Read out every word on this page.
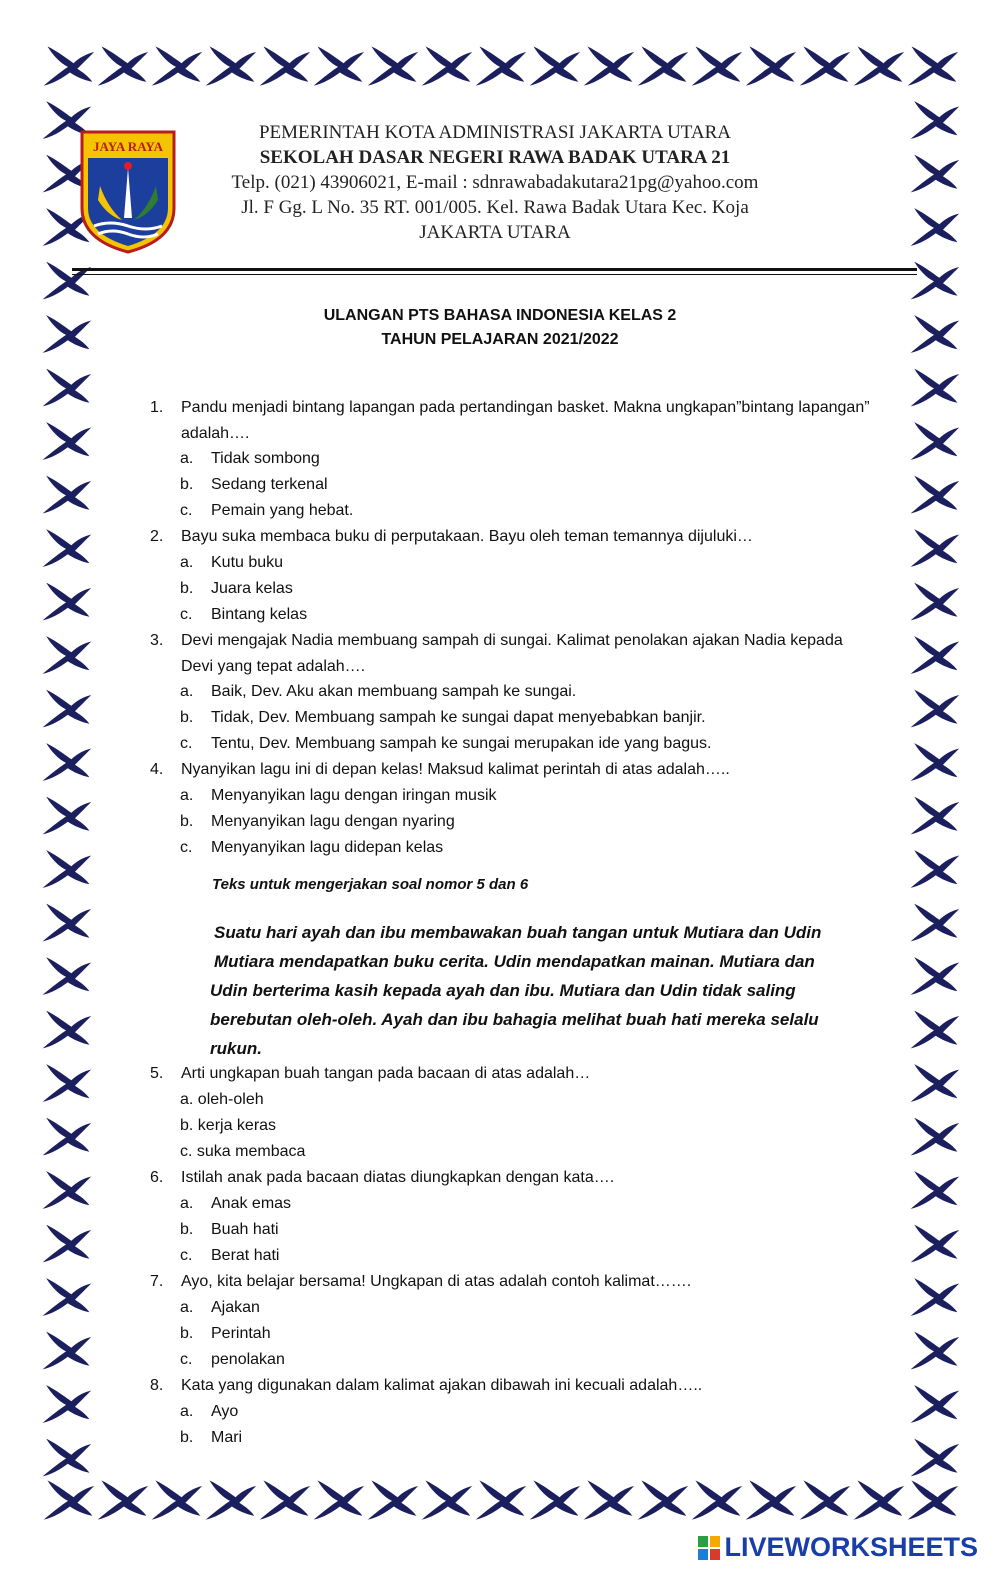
JAYA RAYA
PEMERINTAH KOTA ADMINISTRASI JAKARTA UTARA
SEKOLAH DASAR NEGERI RAWA BADAK UTARA 21
Telp. (021) 43906021, E-mail : sdnrawabadakutara21pg@yahoo.com
Jl. F Gg. L No. 35 RT. 001/005. Kel. Rawa Badak Utara Kec. Koja
JAKARTA UTARA
ULANGAN PTS BAHASA INDONESIA KELAS 2
TAHUN PELAJARAN 2021/2022
1.	Pandu menjadi bintang lapangan pada pertandingan basket. Makna ungkapan”bintang lapangan” adalah….
a.	Tidak sombong
b.	Sedang terkenal
c.	Pemain yang hebat.
2.	Bayu suka membaca buku di perputakaan. Bayu oleh teman temannya dijuluki…
a.	Kutu buku
b.	Juara kelas
c.	Bintang kelas
3.	Devi mengajak Nadia membuang sampah di sungai. Kalimat penolakan ajakan Nadia kepada Devi yang tepat adalah….
a.	Baik, Dev. Aku akan membuang sampah ke sungai.
b.	Tidak, Dev. Membuang sampah ke sungai dapat menyebabkan banjir.
c.	Tentu, Dev. Membuang sampah ke sungai merupakan ide yang bagus.
4.	Nyanyikan lagu ini di depan kelas! Maksud kalimat perintah di atas adalah…..
a.	Menyanyikan lagu dengan iringan musik
b.	Menyanyikan lagu dengan nyaring
c.	Menyanyikan lagu didepan kelas
Teks untuk mengerjakan soal nomor 5 dan 6
Suatu hari ayah dan ibu membawakan buah tangan untuk Mutiara dan Udin
Mutiara mendapatkan buku cerita. Udin mendapatkan mainan. Mutiara dan
Udin berterima kasih kepada ayah dan ibu. Mutiara dan Udin tidak saling
berebutan oleh-oleh. Ayah dan ibu bahagia melihat buah hati mereka selalu
rukun.
5.	Arti ungkapan buah tangan pada bacaan di atas adalah…
a. oleh-oleh
b. kerja keras
c. suka membaca
6.	Istilah anak pada bacaan diatas diungkapkan dengan kata….
a.	Anak emas
b.	Buah hati
c.	Berat hati
7.	Ayo, kita belajar bersama! Ungkapan di atas adalah contoh kalimat…….
a.	Ajakan
b.	Perintah
c.	penolakan
8.	Kata yang digunakan dalam kalimat ajakan dibawah ini kecuali adalah…..
a.	Ayo
b.	Mari
LIVEWORKSHEETS
